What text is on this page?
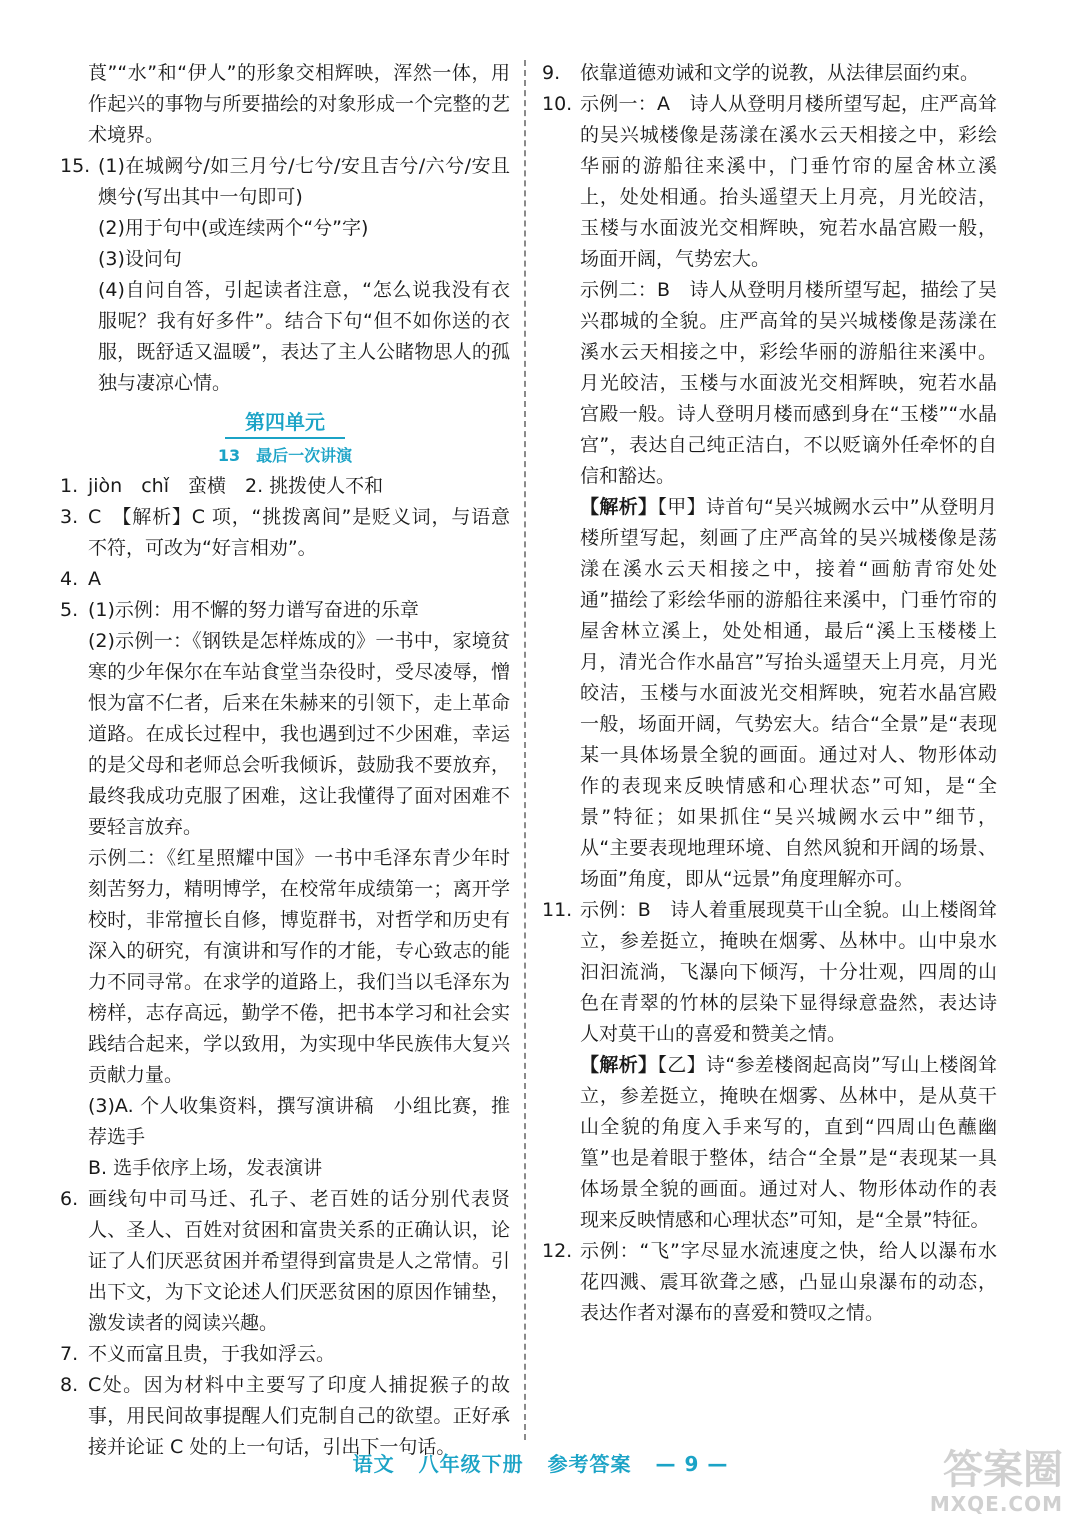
莨”“水”和“伊人”的形象交相辉映，浑然一体，用作起兴的事物与所要描绘的对象形成一个完整的艺术境界。
15. (1)在城阙兮/如三月兮/七兮/安且吉兮/六兮/安且燠兮(写出其中一句即可)
(2)用于句中(或连续两个“兮”字)
(3)设问句
(4)自问自答，引起读者注意，“怎么说我没有衣服呢？我有好多件”。结合下句“但不如你送的衣服，既舒适又温暖”，表达了主人公睹物思人的孤独与凄凉心情。
第四单元
13　最后一次讲演
1. jiòn　chǐ　蛮横　2. 挑拨使人不和
3. C　【解析】C 项，“挑拨离间”是贬义词，与语意不符，可改为“好言相劝”。
4. A
5. (1)示例：用不懈的努力谱写奋进的乐章
(2)示例一：《钢铁是怎样炼成的》一书中，家境贫寒的少年保尔在车站食堂当杂役时，受尽凌辱，憎恨为富不仁者，后来在朱赫来的引领下，走上革命道路。在成长过程中，我也遇到过不少困难，幸运的是父母和老师总会听我倾诉，鼓励我不要放弃，最终我成功克服了困难，这让我懂得了面对困难不要轻言放弃。
示例二：《红星照耀中国》一书中毛泽东青少年时刻苦努力，精明博学，在校常年成绩第一；离开学校时，非常擅长自修，博览群书，对哲学和历史有深入的研究，有演讲和写作的才能，专心致志的能力不同寻常。在求学的道路上，我们当以毛泽东为榜样，志存高远，勤学不倦，把书本学习和社会实践结合起来，学以致用，为实现中华民族伟大复兴贡献力量。
(3)A. 个人收集资料，撰写演讲稿　小组比赛，推荐选手
B. 选手依序上场，发表演讲
6. 画线句中司马迁、孔子、老百姓的话分别代表贤人、圣人、百姓对贫困和富贵关系的正确认识，论证了人们厌恶贫困并希望得到富贵是人之常情。引出下文，为下文论述人们厌恶贫困的原因作铺垫，激发读者的阅读兴趣。
7. 不义而富且贵，于我如浮云。
8. C处。因为材料中主要写了印度人捕捉猴子的故事，用民间故事提醒人们克制自己的欲望。正好承接并论证 C 处的上一句话，引出下一句话。
9.	依靠道德劝诫和文学的说教，从法律层面约束。
10. 示例一：A　诗人从登明月楼所望写起，庄严高耸的吴兴城楼像是荡漾在溪水云天相接之中，彩绘华丽的游船往来溪中，门垂竹帘的屋舍林立溪上，处处相通。抬头遥望天上月亮，月光皎洁，玉楼与水面波光交相辉映，宛若水晶宫殿一般，场面开阔，气势宏大。
示例二：B　诗人从登明月楼所望写起，描绘了吴兴郡城的全貌。庄严高耸的吴兴城楼像是荡漾在溪水云天相接之中，彩绘华丽的游船往来溪中。月光皎洁，玉楼与水面波光交相辉映，宛若水晶宫殿一般。诗人登明月楼而感到身在“玉楼”“水晶宫”，表达自己纯正洁白，不以贬谪外任牵怀的自信和豁达。
【解析】【甲】诗首句“吴兴城阙水云中”从登明月楼所望写起，刻画了庄严高耸的吴兴城楼像是荡漾在溪水云天相接之中，接着“画舫青帘处处通”描绘了彩绘华丽的游船往来溪中，门垂竹帘的屋舍林立溪上，处处相通，最后“溪上玉楼楼上月，清光合作水晶宫”写抬头遥望天上月亮，月光皎洁，玉楼与水面波光交相辉映，宛若水晶宫殿一般，场面开阔，气势宏大。结合“全景”是“表现某一具体场景全貌的画面。通过对人、物形体动作的表现来反映情感和心理状态”可知，是“全景”特征；如果抓住“吴兴城阙水云中”细节，从“主要表现地理环境、自然风貌和开阔的场景、场面”角度，即从“远景”角度理解亦可。
11. 示例：B　诗人着重展现莫干山全貌。山上楼阁耸立，参差挺立，掩映在烟雾、丛林中。山中泉水汩汩流淌，飞瀑向下倾泻，十分壮观，四周的山色在青翠的竹林的层染下显得绿意盎然，表达诗人对莫干山的喜爱和赞美之情。
【解析】【乙】诗“参差楼阁起高岗”写山上楼阁耸立，参差挺立，掩映在烟雾、丛林中，是从莫干山全貌的角度入手来写的，直到“四周山色蘸幽篁”也是着眼于整体，结合“全景”是“表现某一具体场景全貌的画面。通过对人、物形体动作的表现来反映情感和心理状态”可知，是“全景”特征。
12. 示例：“飞”字尽显水流速度之快，给人以瀑布水花四溅、震耳欲聋之感，凸显山泉瀑布的动态，表达作者对瀑布的喜爱和赞叹之情。
语文 八年级下册 参考答案 — 9 —	答案圈
MXQE.COM
